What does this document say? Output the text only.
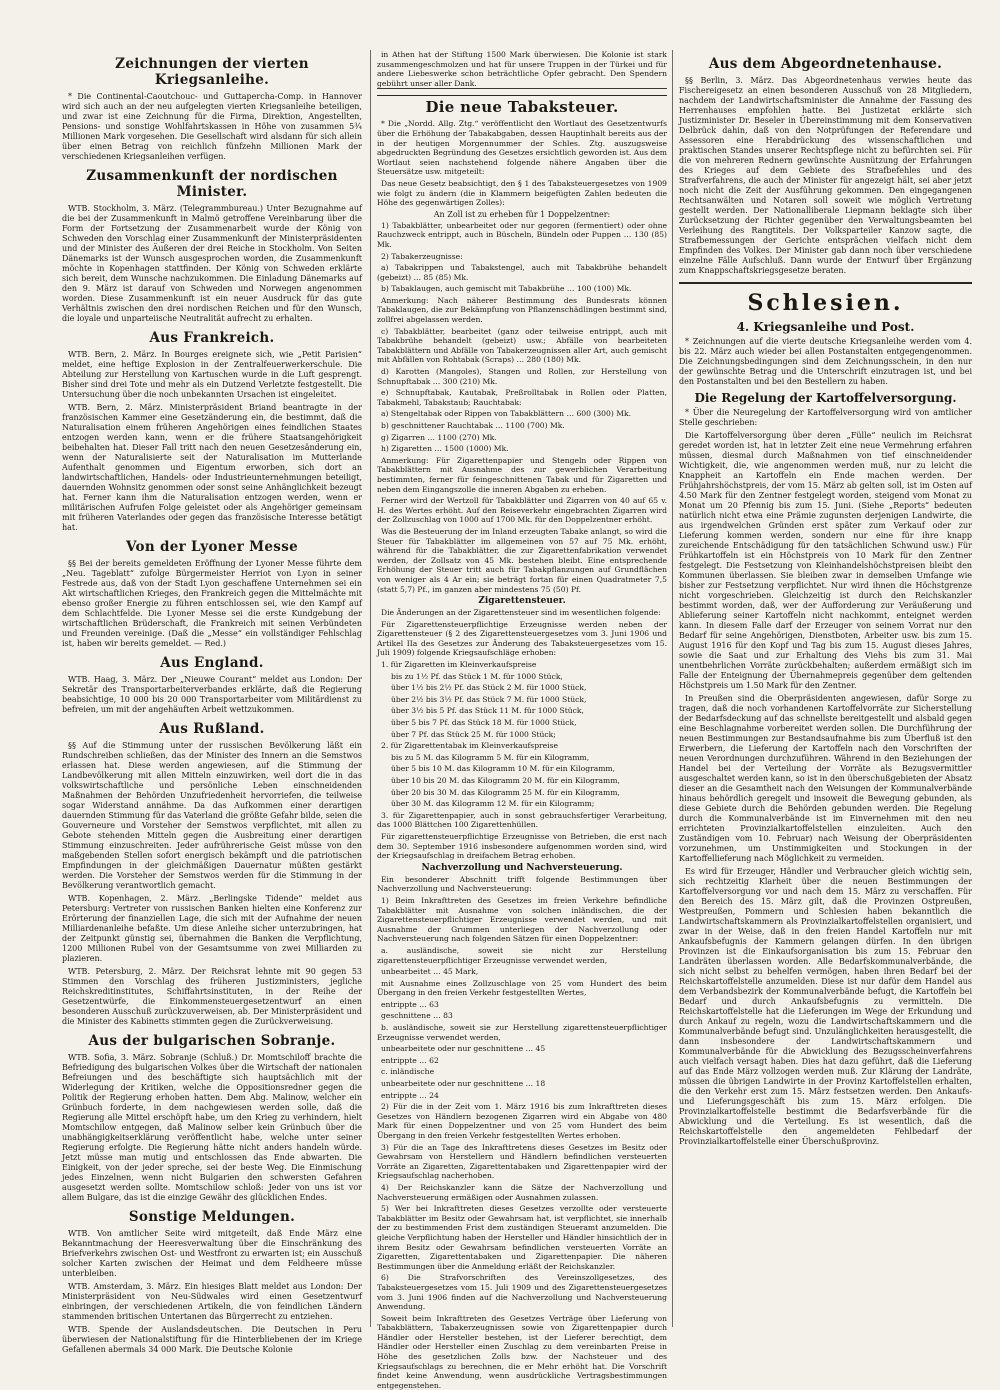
Zeichnungen der vierten Kriegsanleihe.

* Die Continental-Caoutchouc- und Guttapercha-Comp. in Hannover wird sich auch an der neu aufgelegten vierten Kriegsanleihe beteiligen, und zwar ist eine Zeichnung für die Firma, Direktion, Angestellten, Pensions- und sonstige Wohlfahrtskassen in Höhe von zusammen 5¾ Millionen Mark vorgesehen. Die Gesellschaft wird alsdann für sich allein über einen Betrag von reichlich fünfzehn Millionen Mark der verschiedenen Kriegsanleihen verfügen.

Zusammenkunft der nordischen Minister.

WTB. Stockholm, 3. März. (Telegrammbureau.) Unter Bezugnahme auf die bei der Zusammenkunft in Malmö getroffene Vereinbarung über die Form der Fortsetzung der Zusammenarbeit wurde der König von Schweden den Vorschlag einer Zusammenkunft der Ministerpräsidenten und der Minister des Äußeren der drei Reiche in Stockholm. Von Seiten Dänemarks ist der Wunsch ausgesprochen worden, die Zusammenkunft möchte in Kopenhagen stattfinden. Der König von Schweden erklärte sich bereit, dem Wunsche nachzukommen. Die Einladung Dänemarks auf den 9. März ist darauf von Schweden und Norwegen angenommen worden. Diese Zusammenkunft ist ein neuer Ausdruck für das gute Verhältnis zwischen den drei nordischen Reichen und für den Wunsch, die loyale und unparteiische Neutralität aufrecht zu erhalten.

Aus Frankreich.

WTB. Bern, 2. März. In Bourges ereignete sich, wie „Petit Parisien“ meldet, eine heftige Explosion in der Zentralfeuerwerkerschule. Die Abteilung zur Herstellung von Kartuschen wurde in die Luft gesprengt. Bisher sind drei Tote und mehr als ein Dutzend Verletzte festgestellt. Die Untersuchung über die noch unbekannten Ursachen ist eingeleitet.

WTB. Bern, 2. März. Ministerpräsident Briand beantragte in der französischen Kammer eine Gesetzänderung ein, die bestimmt, daß die Naturalisation einem früheren Angehörigen eines feindlichen Staates entzogen werden kann, wenn er die frühere Staatsangehörigkeit beibehalten hat. Dieser Fall tritt nach den neuen Gesetzesänderung ein, wenn der Naturalisierte seit der Naturalisation im Mutterlande Aufenthalt genommen und Eigentum erworben, sich dort an landwirtschaftlichen, Handels- oder Industrieunternehmungen beteiligt, dauernden Wohnsitz genommen oder sonst seine Anhänglichkeit bezeugt hat. Ferner kann ihm die Naturalisation entzogen werden, wenn er militärischen Aufrufen Folge geleistet oder als Angehöriger gemeinsam mit früheren Vaterlandes oder gegen das französische Interesse betätigt hat.

Von der Lyoner Messe

§§ Bei der bereits gemeldeten Eröffnung der Lyoner Messe führte dem „Neu. Tageblatt“ zufolge Bürgermeister Herriot von Lyon in seiner Festrede aus, daß von der Stadt Lyon geschaffene Unternehmen sei ein Akt wirtschaftlichen Krieges, den Frankreich gegen die Mittelmächte mit ebenso großer Energie zu führen entschlossen sei, wie den Kampf auf dem Schlachtfelde. Die Lyoner Messe sei die erste Kundgebung der wirtschaftlichen Brüderschaft, die Frankreich mit seinen Verbündeten und Freunden vereinige. (Daß die „Messe“ ein vollständiger Fehlschlag ist, haben wir bereits gemeldet. — Red.)

Aus England.

WTB. Haag, 3. März. Der „Nieuwe Courant“ meldet aus London: Der Sekretär des Transportarbeiterverbandes erklärte, daß die Regierung beabsichtige, 10 000 bis 20 000 Transportarbeiter vom Militärdienst zu befreien, um mit der angehäuften Arbeit wettzukommen.

Aus Rußland.

§§ Auf die Stimmung unter der russischen Bevölkerung läßt ein Rundschreiben schließen, das der Minister des Innern an die Semstwos erlassen hat. Diese werden angewiesen, auf die Stimmung der Landbevölkerung mit allen Mitteln einzuwirken, weil dort die in das volkswirtschaftliche und persönliche Leben einschneidenden Maßnahmen der Behörden Unzufriedenheit hervorriefen, die teilweise sogar Widerstand annähme. Da das Aufkommen einer derartigen dauernden Stimmung für das Vaterland die größte Gefahr bilde, seien die Gouverneure und Vorsteher der Semstwos verpflichtet, mit allen zu Gebote stehenden Mitteln gegen die Ausbreitung einer derartigen Stimmung einzuschreiten. Jeder aufrührerische Geist müsse von den maßgebenden Stellen sofort energisch bekämpft und die patriotischen Empfindungen in der gleichmäßigen Dauernatur müßten gestärkt werden. Die Vorsteher der Semstwos werden für die Stimmung in der Bevölkerung verantwortlich gemacht.

WTB. Kopenhagen, 2. März. „Berlingske Tidende“ meldet aus Petersburg: Vertreter von russischen Banken hielten eine Konferenz zur Erörterung der finanziellen Lage, die sich mit der Aufnahme der neuen Milliardenanleihe befaßte. Um diese Anleihe sicher unterzubringen, hat der Zeitpunkt günstig sei, übernahmen die Banken die Verpflichtung, 1200 Millionen Rubel von der Gesamtsumme von zwei Milliarden zu plazieren.

WTB. Petersburg, 2. März. Der Reichsrat lehnte mit 90 gegen 53 Stimmen den Vorschlag des früheren Justizministers, jegliche Reichskreditinstitutes, Schiffahrtsinstituten, in der Reihe der Gesetzentwürfe, die Einkommensteuergesetzentwurf an einen besonderen Ausschuß zurückzuverweisen, ab. Der Ministerpräsident und die Minister des Kabinetts stimmten gegen die Zurückverweisung.

Aus der bulgarischen Sobranje.

WTB. Sofia, 3. März. Sobranje (Schluß.) Dr. Momtschiloff brachte die Befriedigung des bulgarischen Volkes über die Wirtschaft der nationalen Befreiungen und des beschäftigte sich hauptsächlich mit der Widerlegung der Kritiken, welche die Oppositionsredner gegen die Politik der Regierung erhoben hatten. Dem Abg. Malinow, welcher ein Grünbuch forderte, in dem nachgewiesen werden solle, daß die Regierung alle Mittel erschöpft habe, um den Krieg zu verhindern, hielt Momtschilow entgegen, daß Malinow selber kein Grünbuch über die unabhängigkeitserklärung veröffentlicht habe, welche unter seiner Regierung erfolgte. Die Regierung hätte nicht anders handeln würde. Jetzt müsse man mutig und entschlossen das Ende abwarten. Die Einigkeit, von der jeder spreche, sei der beste Weg. Die Einmischung jedes Einzelnen, wenn nicht Bulgarien den schwersten Gefahren ausgesetzt werden sollte. Momtschilow schloß: Jeder von uns ist vor allem Bulgare, das ist die einzige Gewähr des glücklichen Endes.

Sonstige Meldungen.

WTB. Von amtlicher Seite wird mitgeteilt, daß Ende März eine Bekanntmachung der Heeresverwaltung über die Einschränkung des Briefverkehrs zwischen Ost- und Westfront zu erwarten ist; ein Ausschuß solcher Karten zwischen der Heimat und dem Feldheere müsse unterbleiben.

WTB. Amsterdam, 3. März. Ein hiesiges Blatt meldet aus London: Der Ministerpräsident von Neu-Südwales wird einen Gesetzentwurf einbringen, der verschiedenen Artikeln, die von feindlichen Ländern stammenden britischen Untertanen das Bürgerrecht zu entziehen.

WTB. Spende der Auslandsdeutschen. Die Deutschen in Peru überwiesen der Nationalstiftung für die Hinterbliebenen der im Kriege Gefallenen abermals 34 000 Mark. Die Deutsche Kolonie

in Athen hat der Stiftung 1500 Mark überwiesen. Die Kolonie ist stark zusammengeschmolzen und hat für unsere Truppen in der Türkei und für andere Liebeswerke schon beträchtliche Opfer gebracht. Den Spendern gebührt unser aller Dank.

Die neue Tabaksteuer.

* Die „Nordd. Allg. Ztg.“ veröffentlicht den Wortlaut des Gesetzentwurfs über die Erhöhung der Tabakabgaben, dessen Hauptinhalt bereits aus der in der heutigen Morgennummer der Schles. Ztg. auszugsweise abgedruckten Begründung des Gesetzes ersichtlich geworden ist. Aus dem Wortlaut seien nachstehend folgende nähere Angaben über die Steuersätze usw. mitgeteilt:

Das neue Gesetz beabsichtigt, den § 1 des Tabaksteuergesetzes von 1909 wie folgt zu ändern (die in Klammern beigefügten Zahlen bedeuten die Höhe des gegenwärtigen Zolles):

An Zoll ist zu erheben für 1 Doppelzentner:

1) Tabakblätter, unbearbeitet oder nur gegoren (fermentiert) oder ohne Rauchzweck entrippt, auch in Büscheln, Bündeln oder Puppen … 130 (85) Mk.

2) Tabakerzeugnisse:

a) Tabakrippen und Tabakstengel, auch mit Tabakbrühe behandelt (gebeizt) … 85 (85) Mk.

b) Tabaklaugen, auch gemischt mit Tabakbrühe … 100 (100) Mk.

Anmerkung: Nach näherer Bestimmung des Bundesrats können Tabaklaugen, die zur Bekämpfung von Pflanzenschädlingen bestimmt sind, zollfrei abgelassen werden.

c) Tabakblätter, bearbeitet (ganz oder teilweise entrippt, auch mit Tabakbrühe behandelt (gebeizt) usw.; Abfälle von bearbeiteten Tabakblättern und Abfälle von Tabakerzeugnissen aller Art, auch gemischt mit Abfällen von Rohtabak (Scraps) … 280 (180) Mk.

d) Karotten (Mangoles), Stangen und Rollen, zur Herstellung von Schnupftabak … 300 (210) Mk.

e) Schnupftabak, Kautabak, Preßrolltabak in Rollen oder Platten, Tabakmehl, Tabakstaub; Rauchtabak:

a) Stengeltabak oder Rippen von Tabakblättern … 600 (300) Mk.

b) geschnittener Rauchtabak … 1100 (700) Mk.

g) Zigarren … 1100 (270) Mk.

h) Zigaretten … 1500 (1000) Mk.

Anmerkung: Für Zigarettenpapier und Stengeln oder Rippen von Tabakblättern mit Ausnahme des zur gewerblichen Verarbeitung bestimmten, ferner für feingeschnittenen Tabak und für Zigaretten und neben dem Eingangszolle die inneren Abgaben zu erheben.

Ferner wird der Wertzoll für Tabakblätter und Zigarren von 40 auf 65 v. H. des Wertes erhöht. Auf den Reiseverkehr eingebrachten Zigarren wird der Zollzuschlag von 1000 auf 1700 Mk. für den Doppelzentner erhöht.

Was die Besteuerung der im Inland erzeugten Tabake anlangt, so wird die Steuer für Tabakblätter im allgemeinen von 57 auf 75 Mk. erhöht, während für die Tabakblätter, die zur Zigarettenfabrikation verwendet werden, der Zollsatz von 45 Mk. bestehen bleibt. Eine entsprechende Erhöhung der Steuer tritt auch für Tabakpflanzungen auf Grundflächen von weniger als 4 Ar ein; sie beträgt fortan für einen Quadratmeter 7,5 (statt 5,7) Pf., im ganzen aber mindestens 75 (50) Pf.

Zigarettensteuer.

Die Änderungen an der Zigarettensteuer sind im wesentlichen folgende:

Für Zigarettensteuerpflichtige Erzeugnisse werden neben der Zigarettensteuer (§ 2 des Zigarettensteuergesetzes vom 3. Juni 1906 und Artikel IIa des Gesetzes zur Änderung des Tabaksteuergesetzes vom 15. Juli 1909) folgende Kriegsaufschläge erhoben:

1. für Zigaretten im Kleinverkaufspreise

bis zu 1½ Pf. das Stück 1 M. für 1000 Stück,
über 1½ bis 2½ Pf. das Stück 2 M. für 1000 Stück,
über 2½ bis 3½ Pf. das Stück 7 M. für 1000 Stück,
über 3½ bis 5 Pf. das Stück 11 M. für 1000 Stück,
über 5 bis 7 Pf. das Stück 18 M. für 1000 Stück,
über 7 Pf. das Stück 25 M. für 1000 Stück;

2. für Zigarettentabak im Kleinverkaufspreise

bis zu 5 M. das Kilogramm 5 M. für ein Kilogramm,
über 5 bis 10 M. das Kilogramm 10 M. für ein Kilogramm,
über 10 bis 20 M. das Kilogramm 20 M. für ein Kilogramm,
über 20 bis 30 M. das Kilogramm 25 M. für ein Kilogramm,
über 30 M. das Kilogramm 12 M. für ein Kilogramm;

3. für Zigarettenpapier, auch in sonst gebrauchsfertiger Verarbeitung, das 1000 Blättchen 100 Zigarettenhüllen.

Für zigarettensteuerpflichtige Erzeugnisse von Betrieben, die erst nach dem 30. September 1916 insbesondere aufgenommen worden sind, wird der Kriegsaufschlag in dreifachem Betrag erhoben.

Nachverzollung und Nachversteuerung.

Ein besonderer Abschnitt trifft folgende Bestimmungen über Nachverzollung und Nachversteuerung:

1) Beim Inkrafttreten des Gesetzes im freien Verkehre befindliche Tabakblätter mit Ausnahme von solchen inländischen, die der Zigarettensteuerpflichtiger Erzeugnisse verwendet werden, und mit Ausnahme der Grummen unterliegen der Nachverzollung oder Nachversteuerung nach folgenden Sätzen für einen Doppelzentner:

a. ausländische, soweit sie nicht zur Herstellung zigarettensteuerpflichtiger Erzeugnisse verwendet werden,

unbearbeitet … 45 Mark,

mit Ausnahme eines Zollzuschlage von 25 vom Hundert des beim Übergang in den freien Verkehr festgestellten Wertes,

entrippte … 63

geschnittene … 83

b. ausländische, soweit sie zur Herstellung zigarettensteuerpflichtiger Erzeugnisse verwendet werden,

unbearbeitete oder nur geschnittene … 45

entrippte … 62

c. inländische

unbearbeitete oder nur geschnittene … 18

entrippte … 24

2) Für die in der Zeit vom 1. März 1916 bis zum Inkrafttreten dieses Gesetzes von Händlern bezogenen Zigarren wird ein Abgabe von 480 Mark für einen Doppelzentner und von 25 vom Hundert des beim Übergang in den freien Verkehr festgestellten Wertes erhoben.

3) Für die an Tage des Inkrafttretens dieses Gesetzes im Besitz oder Gewahrsam von Herstellern und Händlern befindlichen versteuerten Vorräte an Zigaretten, Zigarettentabaken und Zigarettenpapier wird der Kriegsaufschlag nacherhoben.

4) Der Reichskanzler kann die Sätze der Nachverzollung und Nachversteuerung ermäßigen oder Ausnahmen zulassen.

5) Wer bei Inkrafttreten dieses Gesetzes verzollte oder versteuerte Tabakblätter im Besitz oder Gewahrsam hat, ist verpflichtet, sie innerhalb der zu bestimmenden Frist dem zuständigen Steueramt anzumelden. Die gleiche Verpflichtung haben der Hersteller und Händler hinsichtlich der in ihrem Besitz oder Gewahrsam befindlichen versteuerten Vorräte an Zigaretten, Zigarettentabaken und Zigarettenpapier. Die näheren Bestimmungen über die Anmeldung erläßt der Reichskanzler.

6) Die Strafvorschriften des Vereinszollgesetzes, des Tabaksteuergesetzes vom 15. Juli 1909 und des Zigarettensteuergesetzes vom 3. Juni 1906 finden auf die Nachverzollung und Nachversteuerung Anwendung.

Soweit beim Inkrafttreten des Gesetzes Verträge über Lieferung von Tabakblättern, Tabakerzeugnissen sowie von Zigarettenpapier durch Händler oder Hersteller bestehen, ist der Lieferer berechtigt, dem Händler oder Hersteller einen Zuschlag zu dem vereinbarten Preise in Höhe des gesetzlichen Zolls bzw. der Nachsteuer und des Kriegsaufschlags zu berechnen, die er Mehr erhöht hat. Die Vorschrift findet keine Anwendung, wenn ausdrückliche Vertragsbestimmungen entgegenstehen.

Aus dem Abgeordnetenhause.

§§ Berlin, 3. März. Das Abgeordnetenhaus verwies heute das Fischereigesetz an einen besonderen Ausschuß von 28 Mitgliedern, nachdem der Landwirtschaftsminister die Annahme der Fassung des Herrenhauses empfohlen hatte. Bei Justizetat erklärte sich Justizminister Dr. Beseler in Übereinstimmung mit dem Konservativen Delbrück dahin, daß von den Notprüfungen der Referendare und Assessoren eine Herabdrückung des wissenschaftlichen und praktischen Standes unserer Rechtspflege nicht zu befürchten sei. Für die von mehreren Rednern gewünschte Ausnützung der Erfahrungen des Krieges auf dem Gebiete des Strafbefehles und des Strafverfahrens, die auch der Minister für angezeigt hält, sei aber jetzt noch nicht die Zeit der Ausführung gekommen. Den eingegangenen Rechtsanwälten und Notaren soll soweit wie möglich Vertretung gestellt werden. Der Nationalliberale Liepmann beklagte sich über Zurücksetzung der Richter gegenüber den Verwaltungsbeamten bei Verleihung des Rangtitels. Der Volksparteiler Kanzow sagte, die Strafbemessungen der Gerichte entsprächen vielfach nicht dem Empfinden des Volkes. Der Minister gab dann noch über verschiedene einzelne Fälle Aufschluß. Dann wurde der Entwurf über Ergänzung zum Knappschaftskriegsgesetze beraten.

Schlesien.
4. Kriegsanleihe und Post.

* Zeichnungen auf die vierte deutsche Kriegsanleihe werden vom 4. bis 22. März auch wieder bei allen Postanstalten entgegengenommen. Die Zeichnungsbedingungen sind dem Zeichnungsschein, in den nur der gewünschte Betrag und die Unterschrift einzutragen ist, und bei den Postanstalten und bei den Bestellern zu haben.

Die Regelung der Kartoffelversorgung.

* Über die Neuregelung der Kartoffelversorgung wird von amtlicher Stelle geschrieben:

Die Kartoffelversorgung über deren „Fülle“ neulich im Reichsrat geredet worden ist, hat in letzter Zeit eine neue Vermehrung erfahren müssen, diesmal durch Maßnahmen von tief einschneidender Wichtigkeit, die, wie angenommen werden muß, nur zu leicht die Knappheit an Kartoffeln ein Ende machen werden. Der Frühjahrshöchstpreis, der vom 15. März ab gelten soll, ist im Osten auf 4.50 Mark für den Zentner festgelegt worden, steigend vom Monat zu Monat um 20 Pfennig bis zum 15. Juni. (Siehe „Reports“ bedeuten natürlich nicht etwa eine Prämie zugunsten derjenigen Landwirte, die aus irgendwelchen Gründen erst später zum Verkauf oder zur Lieferung kommen werden, sondern nur eine für ihre knapp zureichende Entschädigung für den tatsächlichen Schwund usw.) Für Frühkartoffeln ist ein Höchstpreis von 10 Mark für den Zentner festgelegt. Die Festsetzung von Kleinhandelshöchstpreisen bleibt den Kommunen überlassen. Sie bleiben zwar in demselben Umfange wie bisher zur Festsetzung verpflichtet. Nur wird ihnen die Höchstgrenze nicht vorgeschrieben. Gleichzeitig ist durch den Reichskanzler bestimmt worden, daß, wer der Aufforderung zur Veräußerung und Ablieferung seiner Kartoffeln nicht nachkommt, enteignet werden kann. In diesem Falle darf der Erzeuger von seinem Vorrat nur den Bedarf für seine Angehörigen, Dienstboten, Arbeiter usw. bis zum 15. August 1916 für den Kopf und Tag bis zum 15. August dieses Jahres, sowie die Saat und zur Erhaltung des Viehs bis zum 31. Mai unentbehrlichen Vorräte zurückbehalten; außerdem ermäßigt sich im Falle der Enteignung der Übernahmepreis gegenüber dem geltenden Höchstpreis um 1.50 Mark für den Zentner.

In Preußen sind die Oberpräsidenten angewiesen, dafür Sorge zu tragen, daß die noch vorhandenen Kartoffelvorräte zur Sicherstellung der Bedarfsdeckung auf das schnellste bereitgestellt und alsbald gegen eine Beschlagnahme vorbereitet werden sollen. Die Durchführung der neuen Bestimmungen zur Bestandsaufnahme bis zum Überfluß ist den Erwerbern, die Lieferung der Kartoffeln nach den Vorschriften der neuen Verordnungen durchzuführen. Während in den Beziehungen der Handel bei der Verteilung der Vorräte als Bezugsvermittler ausgeschaltet werden kann, so ist in den überschußgebieten der Absatz dieser an die Gesamtheit nach den Weisungen der Kommunalverbände hinaus behördlich geregelt und insoweit die Bewegung gebunden, als diese Gebiete durch die Behörden gebunden werden. Die Regelung durch die Kommunalverbände ist im Einvernehmen mit den neu errichteten Provinzialkartoffelstellen einzuleiten. Auch den Zuständigen vom 10. Februar) nach Weisung der Oberpräsidenten vorzunehmen, um Unstimmigkeiten und Stockungen in der Kartoffellieferung nach Möglichkeit zu vermeiden.

Es wird für Erzeuger, Händler und Verbraucher gleich wichtig sein, sich rechtzeitig Klarheit über die neuen Bestimmungen der Kartoffelversorgung vor und nach dem 15. März zu verschaffen. Für den Bereich des 15. März gilt, daß die Provinzen Ostpreußen, Westpreußen, Pommern und Schlesien haben bekanntlich die Landwirtschaftskammern als Provinzialkartoffelstellen organisiert, und zwar in der Weise, daß in den freien Handel Kartoffeln nur mit Ankaufsbefugnis der Kammern gelangen dürfen. In den übrigen Provinzen ist die Einkaufsorganisation bis zum 15. Februar den Landräten überlassen worden. Alle Bedarfskommunalverbände, die sich nicht selbst zu behelfen vermögen, haben ihren Bedarf bei der Reichskartoffelstelle anzumelden. Diese ist nur dafür dem Handel aus dem Verbandsbezirk der Kommunalverbände befugt, die Kartoffeln bei Bedarf und durch Ankaufsbefugnis zu vermitteln. Die Reichskartoffelstelle hat die Lieferungen im Wege der Erkundung und durch Ankauf zu regeln, wozu die Landwirtschaftskammern und die Kommunalverbände befugt sind. Unzulänglichkeiten herausgestellt, die dann insbesondere der Landwirtschaftskammern und Kommunalverbände für die Abwicklung des Bezugsscheinverfahrens auch vielfach versagt haben. Dies hat dazu geführt, daß die Lieferung auf das Ende März vollzogen werden muß. Zur Klärung der Landräte, müssen die übrigen Landwirte in der Provinz Kartoffelstellen erhalten, die den Verkehr erst zum 15. März festsetzen werden. Den Ankaufs- und Lieferungsgeschäft bis zum 15. März erfolgen. Die Provinzialkartoffelstelle bestimmt die Bedarfsverbände für die Abwicklung und die Verteilung. Es ist wesentlich, daß die Reichskartoffelstelle den angemeldeten Fehlbedarf der Provinzialkartoffelstelle einer Überschußprovinz.
